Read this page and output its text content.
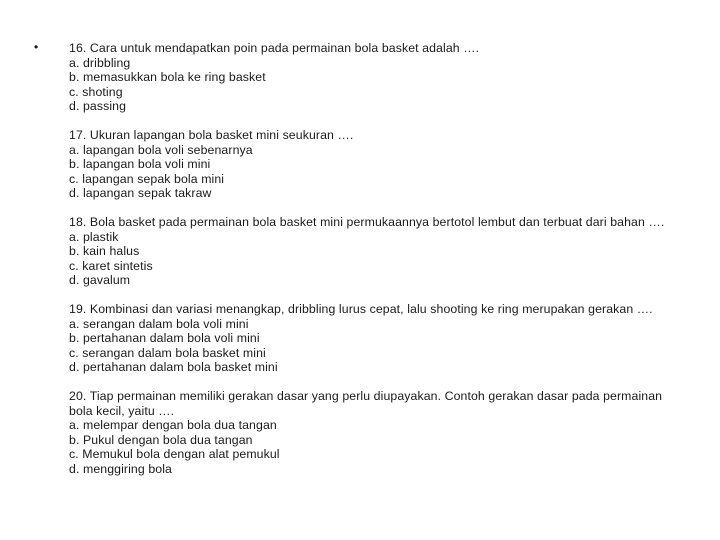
•	16. Cara untuk mendapatkan poin pada permainan bola basket adalah ….
a. dribbling
b. memasukkan bola ke ring basket
c. shoting
d. passing
17. Ukuran lapangan bola basket mini seukuran ….
a. lapangan bola voli sebenarnya
b. lapangan bola voli mini
c. lapangan sepak bola mini
d. lapangan sepak takraw
18. Bola basket pada permainan bola basket mini permukaannya bertotol lembut dan terbuat dari bahan ….
a. plastik
b. kain halus
c. karet sintetis
d. gavalum
19. Kombinasi dan variasi menangkap, dribbling lurus cepat, lalu shooting ke ring merupakan gerakan ….
a. serangan dalam bola voli mini
b. pertahanan dalam bola voli mini
c. serangan dalam bola basket mini
d. pertahanan dalam bola basket mini
20. Tiap permainan memiliki gerakan dasar yang perlu diupayakan. Contoh gerakan dasar pada permainan bola kecil, yaitu ….
a. melempar dengan bola dua tangan
b. Pukul dengan bola dua tangan
c. Memukul bola dengan alat pemukul
d. menggiring bola
